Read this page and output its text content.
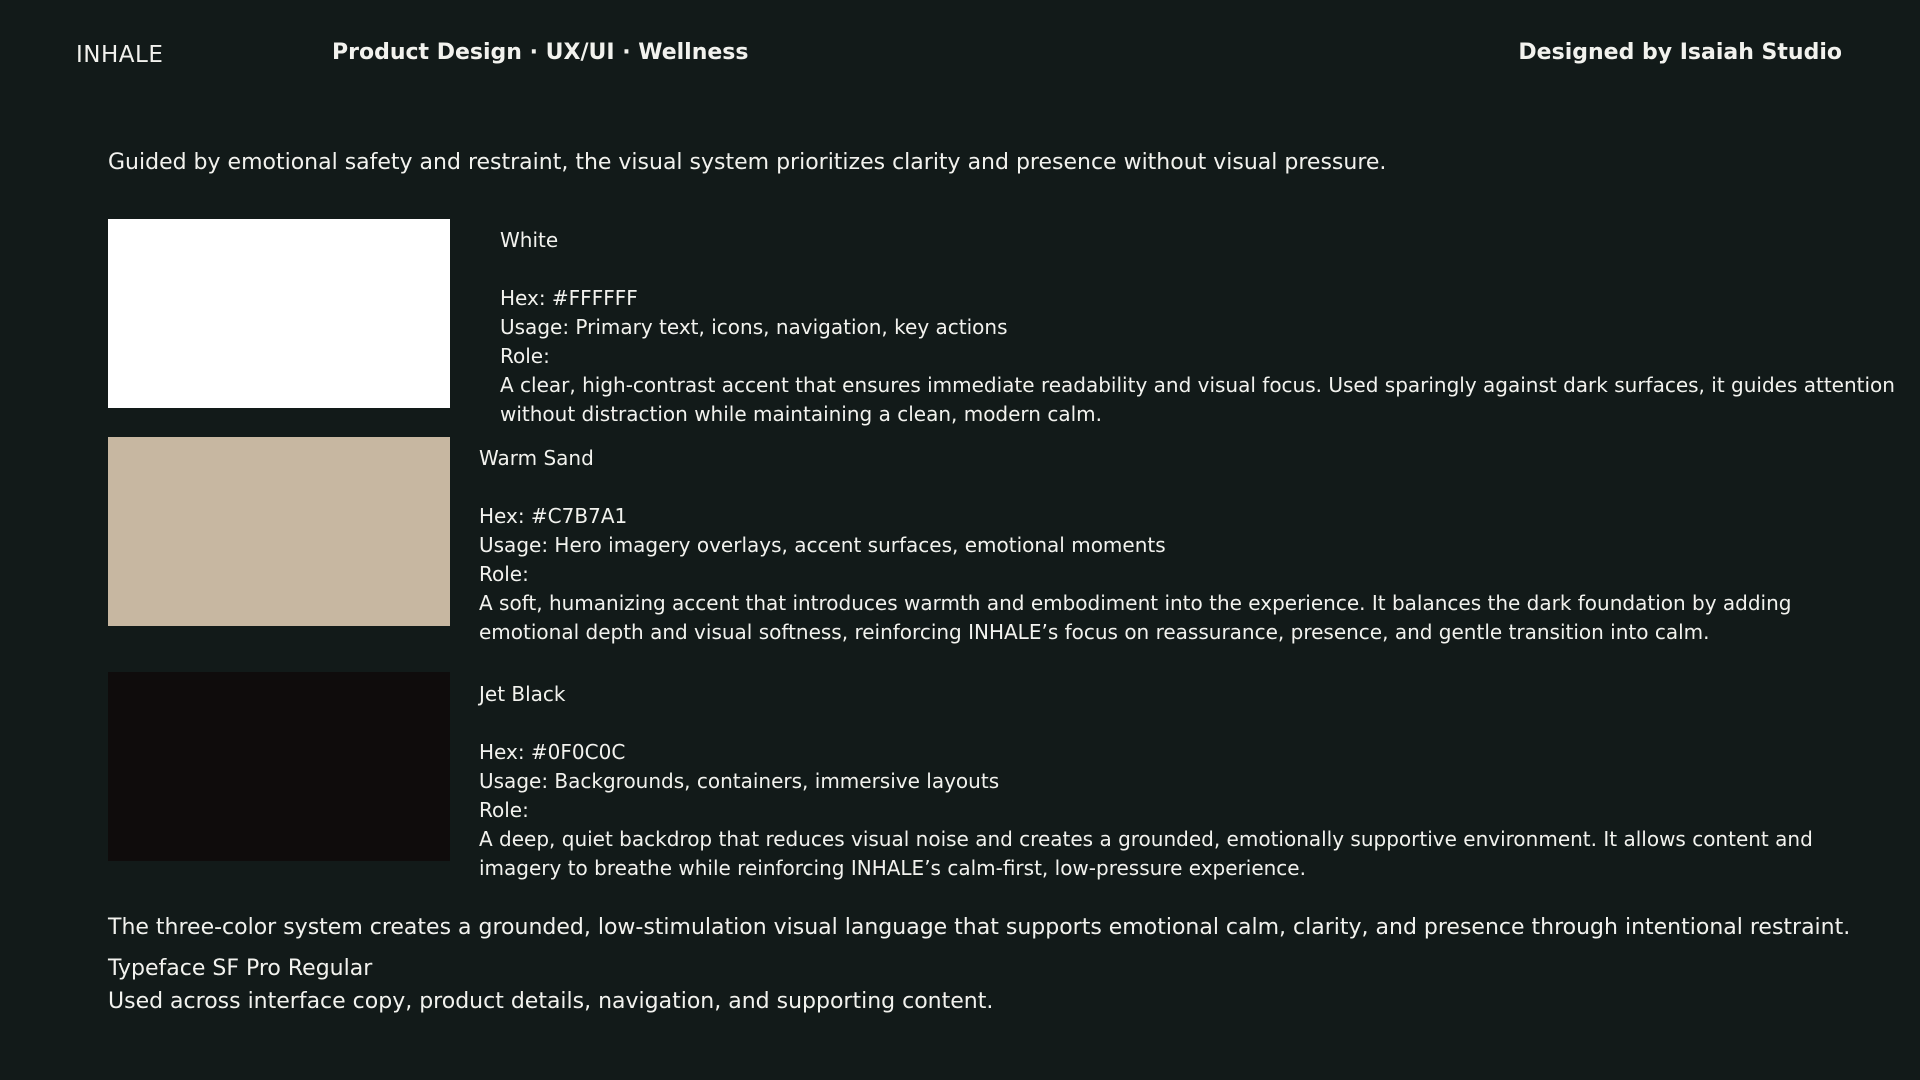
INHALE	Product Design · UX/UI · Wellness	Designed by Isaiah Studio
Guided by emotional safety and restraint, the visual system prioritizes clarity and presence without visual pressure.
White
Hex: #FFFFFF
Usage: Primary text, icons, navigation, key actions
Role:
A clear, high-contrast accent that ensures immediate readability and visual focus. Used sparingly against dark surfaces, it guides attention without distraction while maintaining a clean, modern calm.
Warm Sand
Hex: #C7B7A1
Usage: Hero imagery overlays, accent surfaces, emotional moments
Role:
A soft, humanizing accent that introduces warmth and embodiment into the experience. It balances the dark foundation by adding emotional depth and visual softness, reinforcing INHALE’s focus on reassurance, presence, and gentle transition into calm.
Jet Black
Hex: #0F0C0C
Usage: Backgrounds, containers, immersive layouts
Role:
A deep, quiet backdrop that reduces visual noise and creates a grounded, emotionally supportive environment. It allows content and imagery to breathe while reinforcing INHALE’s calm-first, low-pressure experience.
The three-color system creates a grounded, low-stimulation visual language that supports emotional calm, clarity, and presence through intentional restraint.
Typeface SF Pro Regular
Used across interface copy, product details, navigation, and supporting content.
